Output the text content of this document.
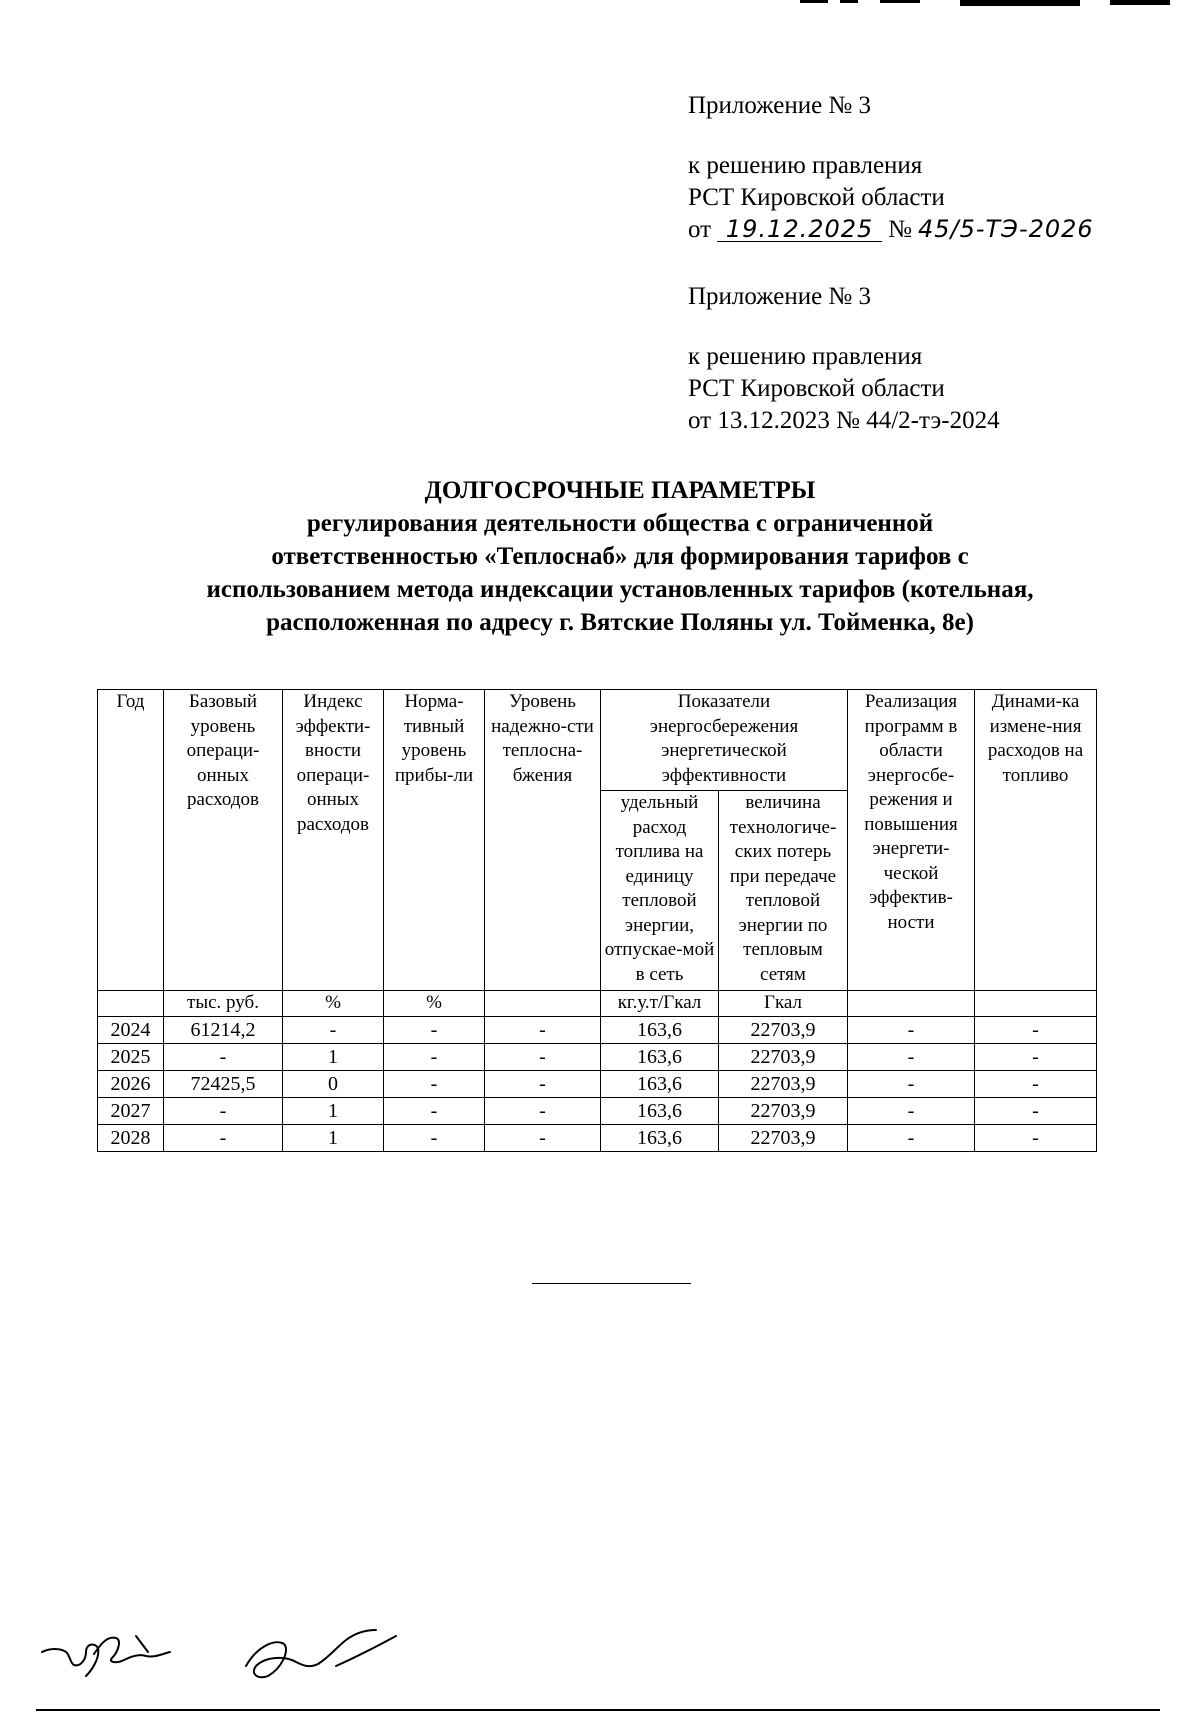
Приложение № 3
к решению правления
РСТ Кировской области
от 19.12.2025 № 45/5-ТЭ-2026
Приложение № 3
к решению правления
РСТ Кировской области
от 13.12.2023 № 44/2-тэ-2024
ДОЛГОСРОЧНЫЕ ПАРАМЕТРЫ
регулирования деятельности общества с ограниченной
ответственностью «Теплоснаб» для формирования тарифов с
использованием метода индексации установленных тарифов (котельная,
расположенная по адресу г. Вятские Поляны ул. Тойменка, 8е)
Год	Базовый уровень операци-онных расходов	Индекс эффекти-вности операци-онных расходов	Норма-тивный уровень прибы-ли	Уровень надежно-сти теплосна-бжения	Показатели энергосбережения энергетической эффективности		Реализация программ в области энергосбе-режения и повышения энергети-ческой эффектив-ности	Динами-ка измене-ния расходов на топливо
					удельный расход топлива на единицу тепловой энергии, отпускае-мой в сеть	величина технологиче-ских потерь при передаче тепловой энергии по тепловым сетям		
	тыс. руб.	%	%		кг.у.т/Гкал	Гкал		
2024	61214,2	-	-	-	163,6	22703,9	-	-
2025	-	1	-	-	163,6	22703,9	-	-
2026	72425,5	0	-	-	163,6	22703,9	-	-
2027	-	1	-	-	163,6	22703,9	-	-
2028	-	1	-	-	163,6	22703,9	-	-
